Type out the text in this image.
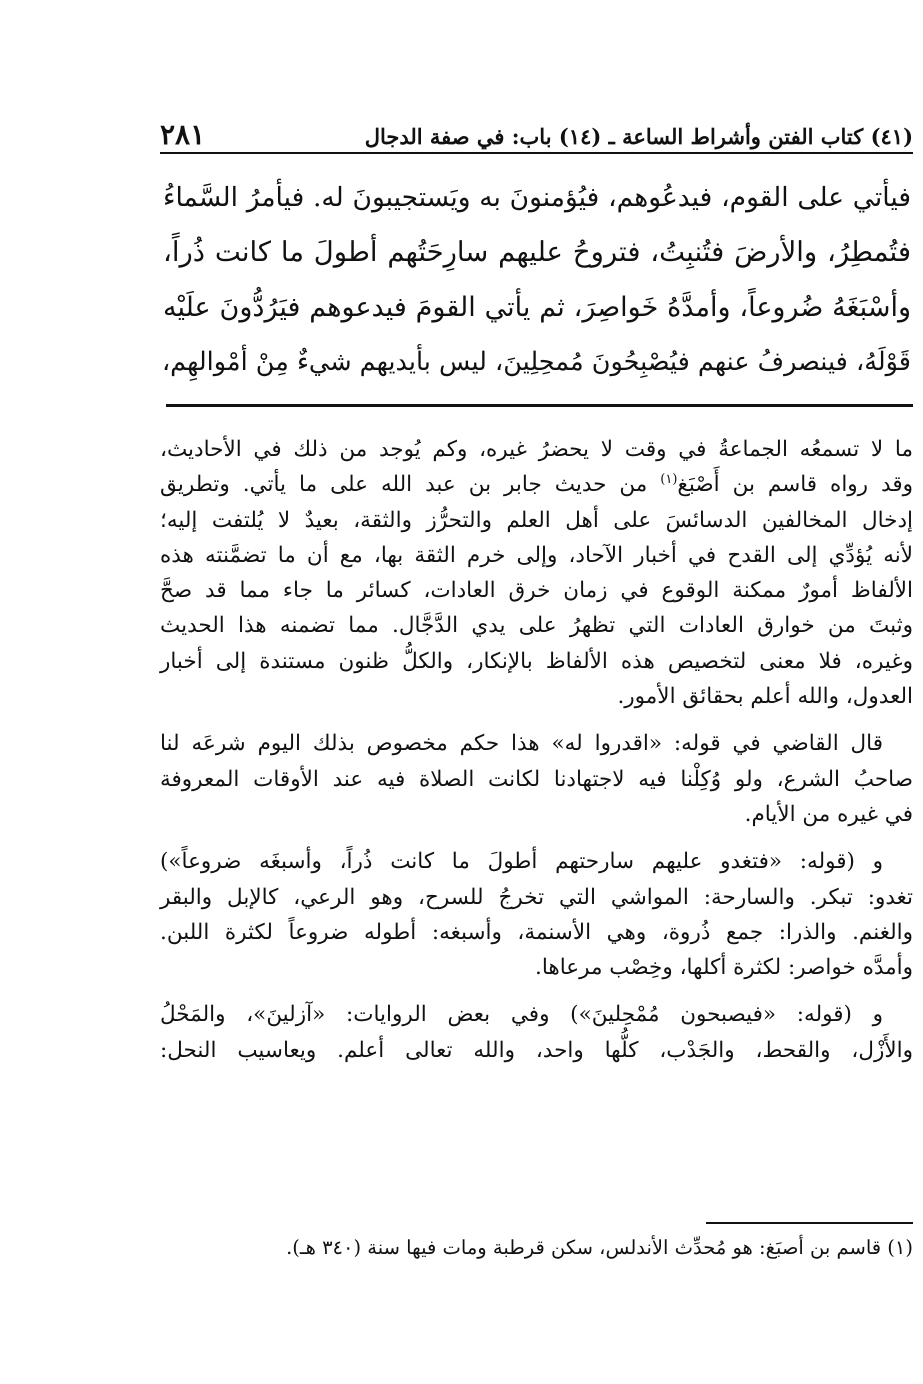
(٤١) كتاب الفتن وأشراط الساعة ـ (١٤) باب: في صفة الدجال
٢٨١
فيأتي على القوم، فيدعُوهم، فيُؤمنونَ به ويَستجيبونَ له. فيأمرُ السَّماءُ
فتُمطِرُ، والأرضَ فتُنبِتُ، فتروحُ عليهم سارِحَتُهم أطولَ ما كانت ذُراً،
وأسْبَغَهُ ضُروعاً، وأمدَّهُ خَواصِرَ، ثم يأتي القومَ فيدعوهم فيَرُدُّونَ علَيْه
قَوْلَهُ، فينصرفُ عنهم فيُصْبِحُونَ مُمحِلِينَ، ليس بأيديهم شيءٌ مِنْ أمْوالهِم،
ما لا تسمعُه الجماعةُ في وقت لا يحضرُ غيره، وكم يُوجد من ذلك في الأحاديث،
وقد رواه قاسم بن أَصْبَغ$^{(١)}$ من حديث جابر بن عبد الله على ما يأتي. وتطريق
إدخال المخالفين الدسائسَ على أهل العلم والتحرُّز والثقة، بعيدٌ لا يُلتفت إليه؛
لأنه يُؤدِّي إلى القدح في أخبار الآحاد، وإلى خرم الثقة بها، مع أن ما تضمَّنته هذه
الألفاظ أمورٌ ممكنة الوقوع في زمان خرق العادات، كسائر ما جاء مما قد صحَّ
وثبتَ من خوارق العادات التي تظهرُ على يدي الدَّجَّال. مما تضمنه هذا الحديث
وغيره، فلا معنى لتخصيص هذه الألفاظ بالإنكار، والكلُّ ظنون مستندة إلى أخبار
العدول، والله أعلم بحقائق الأمور.
قال القاضي في قوله: «اقدروا له» هذا حكم مخصوص بذلك اليوم شرعَه لنا
صاحبُ الشرع، ولو وُكِلْنا فيه لاجتهادنا لكانت الصلاة فيه عند الأوقات المعروفة
في غيره من الأيام.
و (قوله: «فتغدو عليهم سارحتهم أطولَ ما كانت ذُراً، وأسبغَه ضروعاً»)
تغدو: تبكر. والسارحة: المواشي التي تخرجُ للسرح، وهو الرعي، كالإبل والبقر
والغنم. والذرا: جمع ذُروة، وهي الأسنمة، وأسبغه: أطوله ضروعاً لكثرة اللبن.
وأمدَّه خواصر: لكثرة أكلها، وخِصْب مرعاها.
و (قوله: «فيصبحون مُمْحِلينَ») وفي بعض الروايات: «آزلينَ»، والمَحْلُ
والأَزْل، والقحط، والجَدْب، كلُّها واحد، والله تعالى أعلم. ويعاسيب النحل:
(١) قاسم بن أصبَغ: هو مُحدِّث الأندلس، سكن قرطبة ومات فيها سنة (٣٤٠ هـ).
